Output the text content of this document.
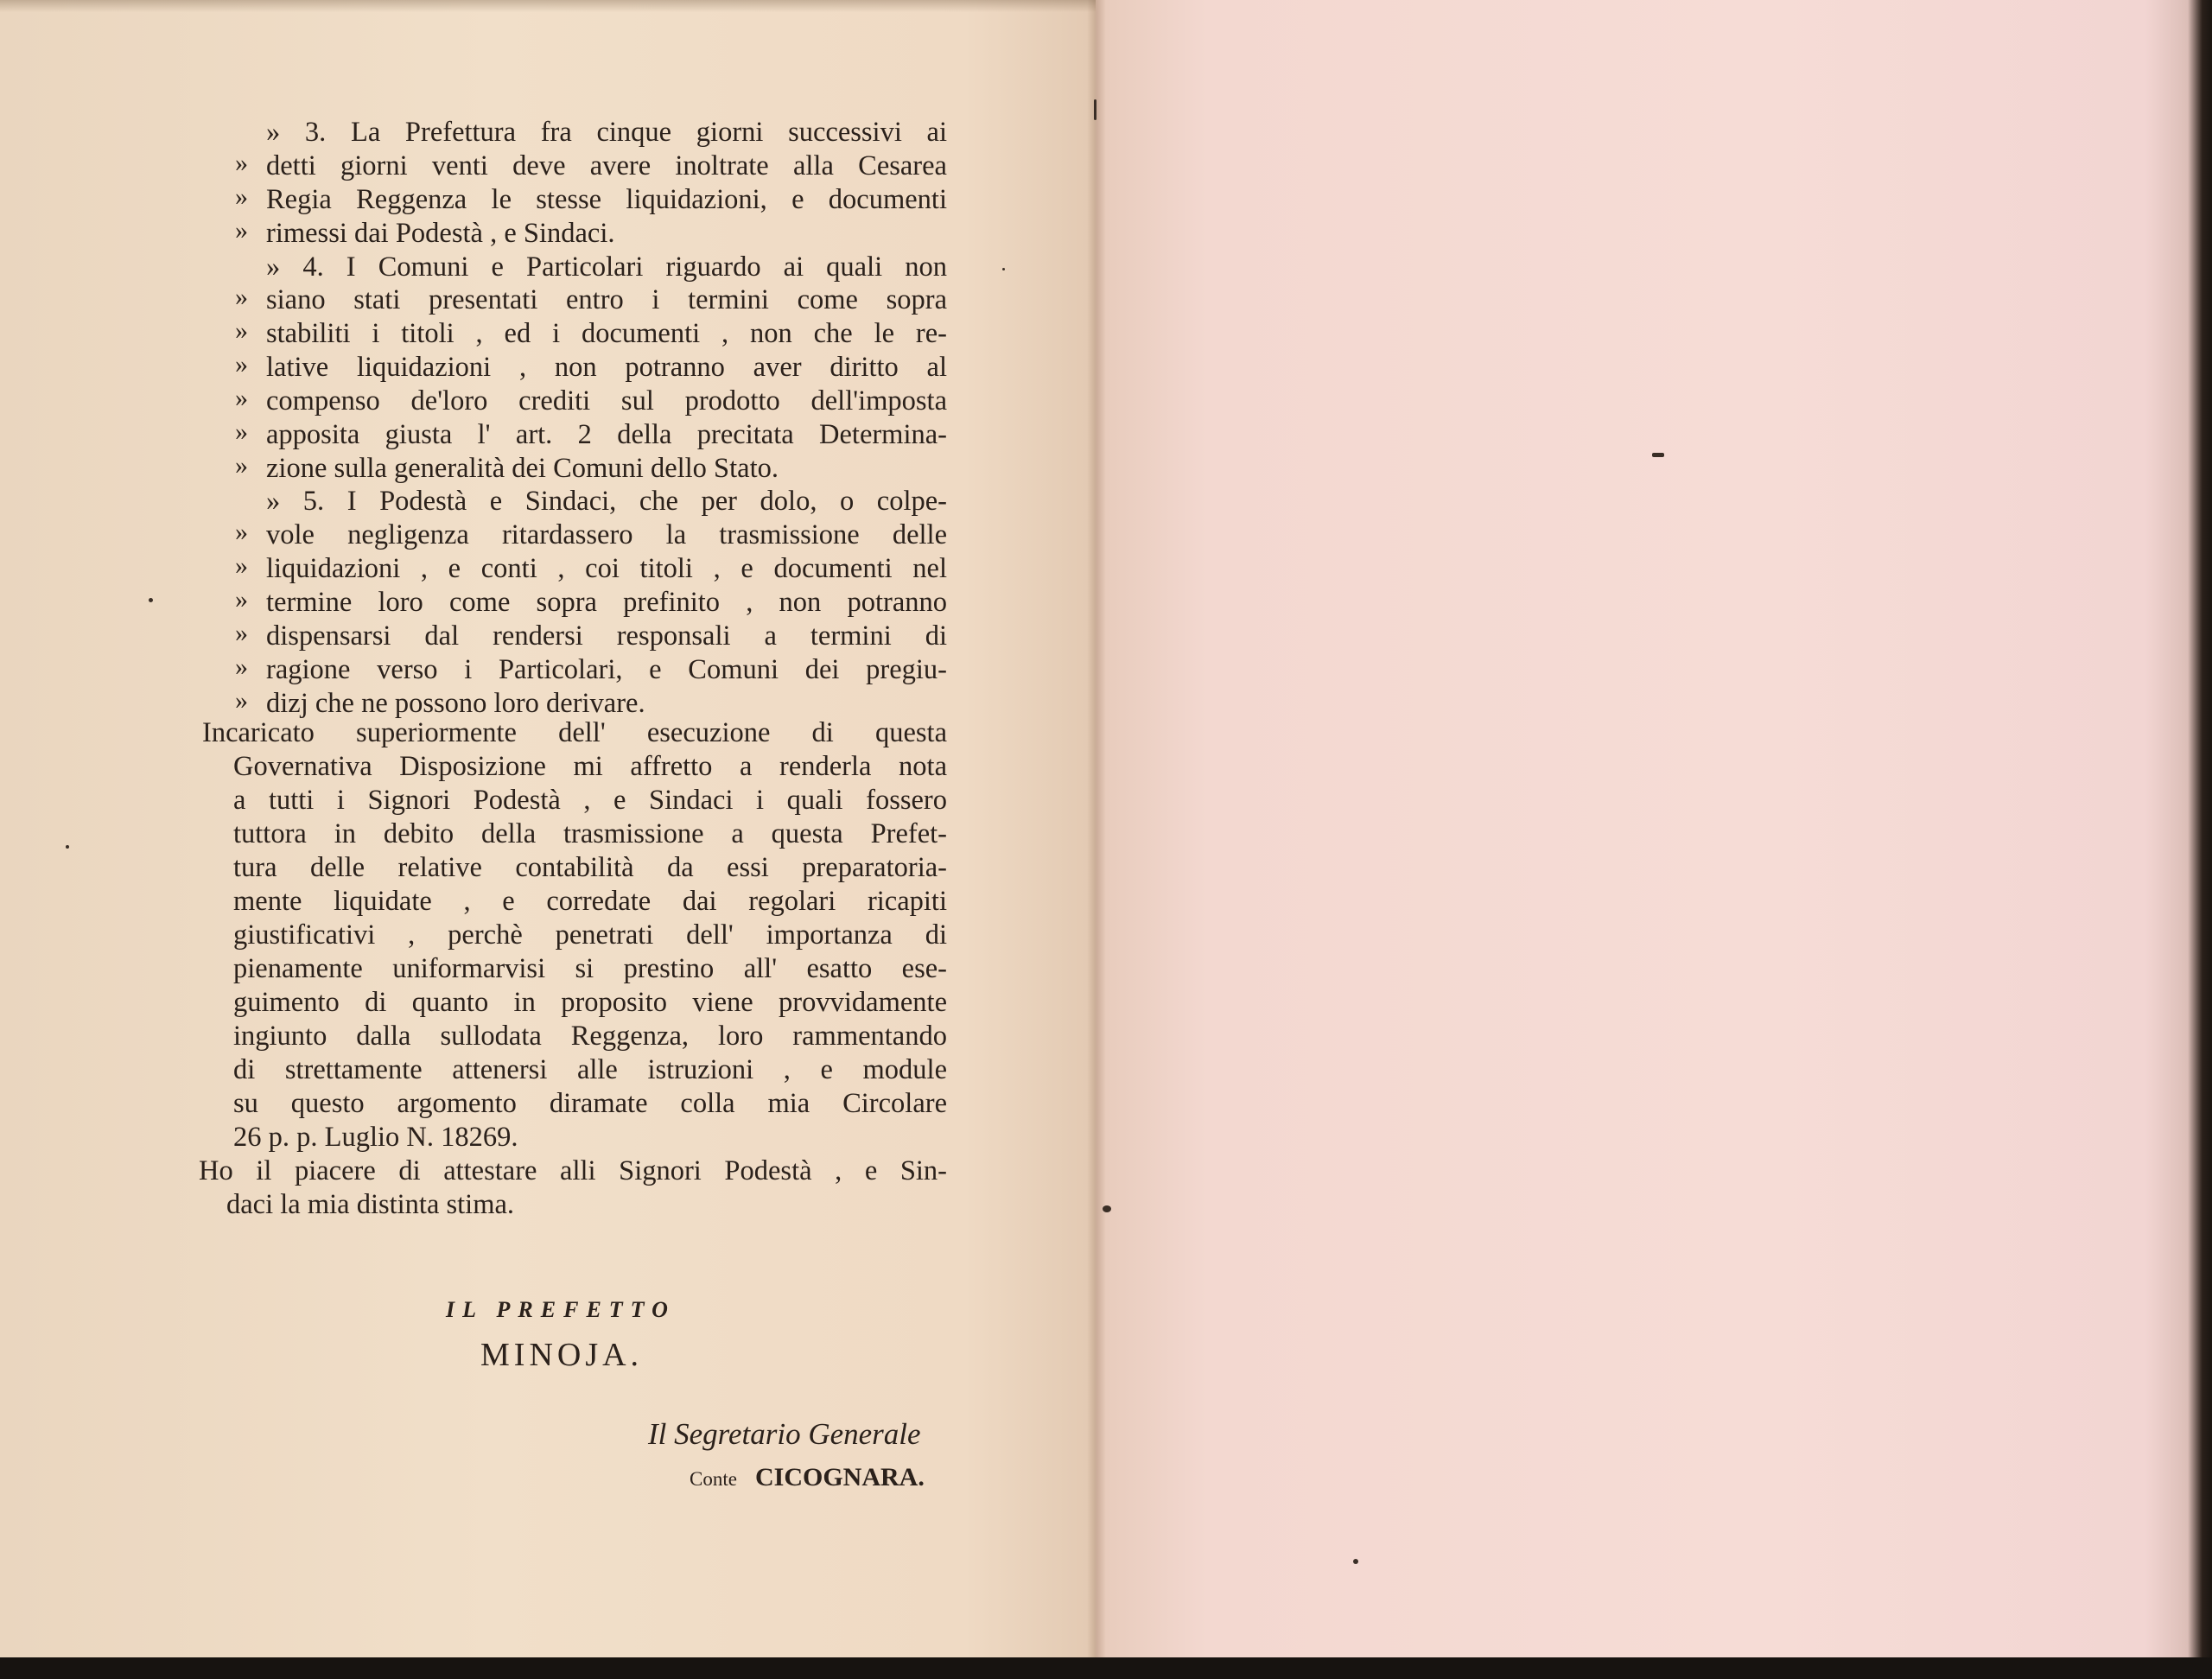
» 3. La Prefettura fra cinque giorni successivi ai
» detti giorni venti deve avere inoltrate alla Cesarea
» Regia Reggenza le stesse liquidazioni, e documenti
» rimessi dai Podestà , e Sindaci.
» 4. I Comuni e Particolari riguardo ai quali non
» siano stati presentati entro i termini come sopra
» stabiliti i titoli , ed i documenti , non che le re-
» lative liquidazioni , non potranno aver diritto al
» compenso de'loro crediti sul prodotto dell'imposta
» apposita giusta l' art. 2 della precitata Determina-
» zione sulla generalità dei Comuni dello Stato.
» 5. I Podestà e Sindaci, che per dolo, o colpe-
» vole negligenza ritardassero la trasmissione delle
» liquidazioni , e conti , coi titoli , e documenti nel
» termine loro come sopra prefinito , non potranno
» dispensarsi dal rendersi responsali a termini di
» ragione verso i Particolari, e Comuni dei pregiu-
» dizj che ne possono loro derivare.
Incaricato superiormente dell' esecuzione di questa
Governativa Disposizione mi affretto a renderla nota
a tutti i Signori Podestà , e Sindaci i quali fossero
tuttora in debito della trasmissione a questa Prefet-
tura delle relative contabilità da essi preparatoria-
mente liquidate , e corredate dai regolari ricapiti
giustificativi , perchè penetrati dell' importanza di
pienamente uniformarvisi si prestino all' esatto ese-
guimento di quanto in proposito viene provvidamente
ingiunto dalla sullodata Reggenza, loro rammentando
di strettamente attenersi alle istruzioni , e module
su questo argomento diramate colla mia Circolare
26 p. p. Luglio N. 18269.
Ho il piacere di attestare alli Signori Podestà , e Sin-
daci la mia distinta stima.
IL PREFETTO
MINOJA.
Il Segretario Generale
Conte CICOGNARA.
